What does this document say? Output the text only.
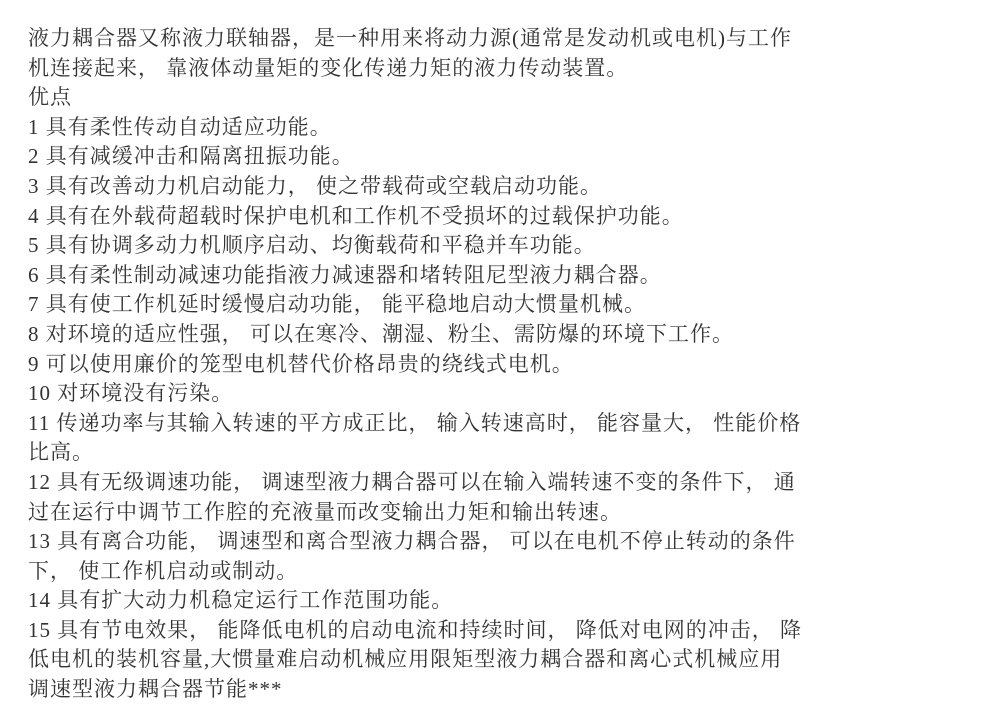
液力耦合器又称液力联轴器，是一种用来将动力源(通常是发动机或电机)与工作
机连接起来， 靠液体动量矩的变化传递力矩的液力传动装置。
优点
1 具有柔性传动自动适应功能。
2 具有减缓冲击和隔离扭振功能。
3 具有改善动力机启动能力， 使之带载荷或空载启动功能。
4 具有在外载荷超载时保护电机和工作机不受损坏的过载保护功能。
5 具有协调多动力机顺序启动、均衡载荷和平稳并车功能。
6 具有柔性制动减速功能指液力减速器和堵转阻尼型液力耦合器。
7 具有使工作机延时缓慢启动功能， 能平稳地启动大惯量机械。
8 对环境的适应性强， 可以在寒冷、潮湿、粉尘、需防爆的环境下工作。
9 可以使用廉价的笼型电机替代价格昂贵的绕线式电机。
10 对环境没有污染。
11 传递功率与其输入转速的平方成正比， 输入转速高时， 能容量大， 性能价格
比高。
12 具有无级调速功能， 调速型液力耦合器可以在输入端转速不变的条件下， 通
过在运行中调节工作腔的充液量而改变输出力矩和输出转速。
13 具有离合功能， 调速型和离合型液力耦合器， 可以在电机不停止转动的条件
下， 使工作机启动或制动。
14 具有扩大动力机稳定运行工作范围功能。
15 具有节电效果， 能降低电机的启动电流和持续时间， 降低对电网的冲击， 降
低电机的装机容量,大惯量难启动机械应用限矩型液力耦合器和离心式机械应用
调速型液力耦合器节能***
